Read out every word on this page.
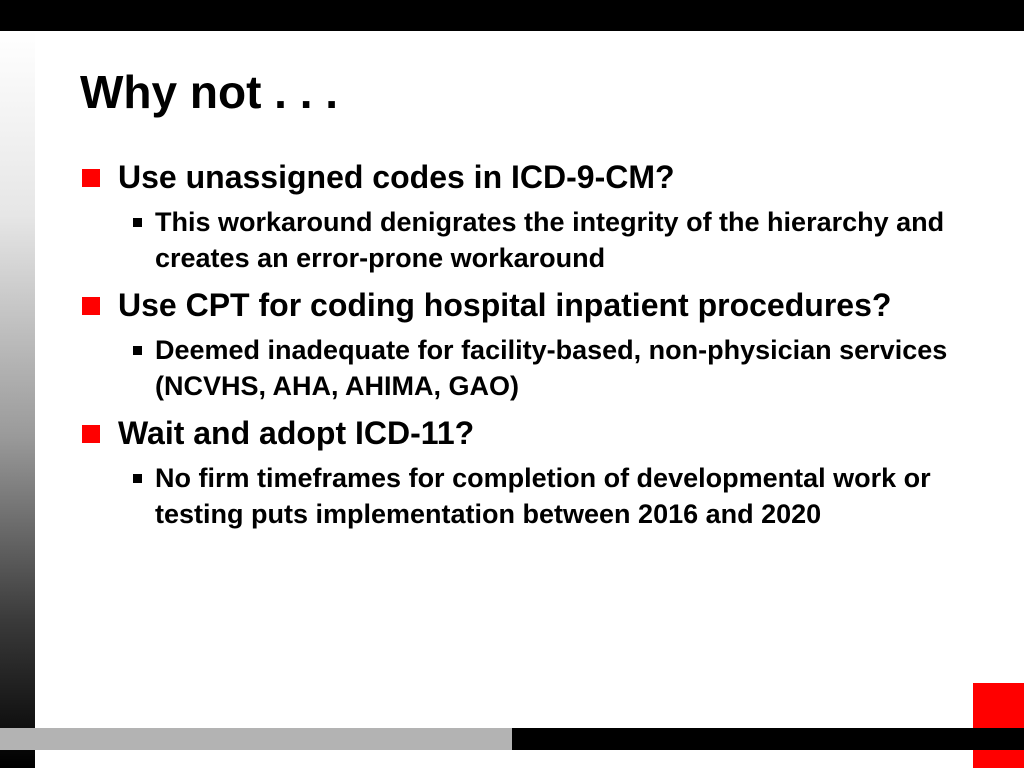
Why not . . .
Use unassigned codes in ICD-9-CM?
This workaround denigrates the integrity of the hierarchy and creates an error-prone workaround
Use CPT for coding hospital inpatient procedures?
Deemed inadequate for facility-based, non-physician services (NCVHS, AHA, AHIMA, GAO)
Wait and adopt ICD-11?
No firm timeframes for completion of developmental work or testing puts implementation between 2016 and 2020
